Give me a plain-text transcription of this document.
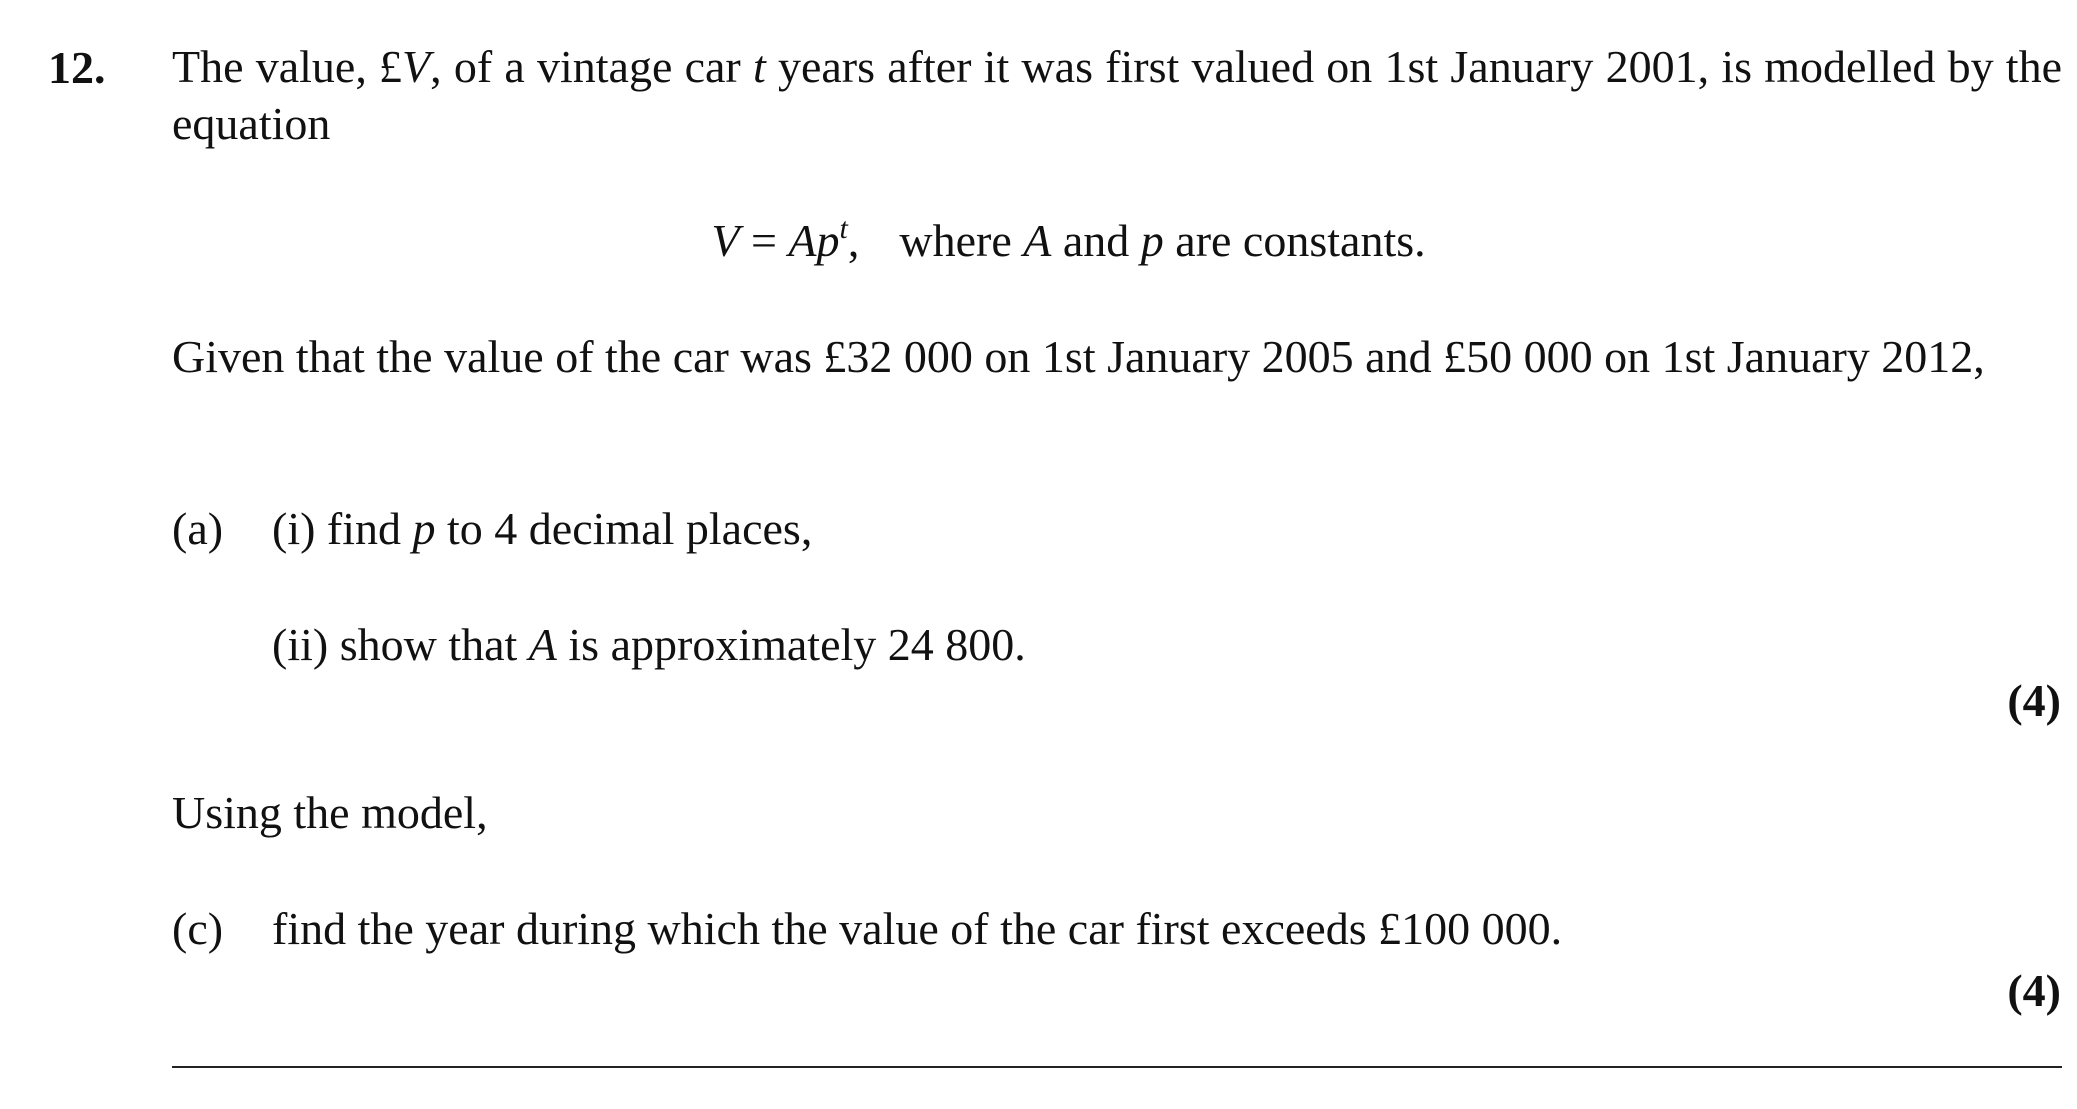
12. The value, £V, of a vintage car t years after it was first valued on 1st January 2001, is modelled by the equation
$V = Ap^t$, where A and p are constants.
Given that the value of the car was £32 000 on 1st January 2005 and £50 000 on 1st January 2012,
(a) (i) find p to 4 decimal places,
(ii) show that A is approximately 24 800.
(4)
Using the model,
(c) find the year during which the value of the car first exceeds £100 000.
(4)
